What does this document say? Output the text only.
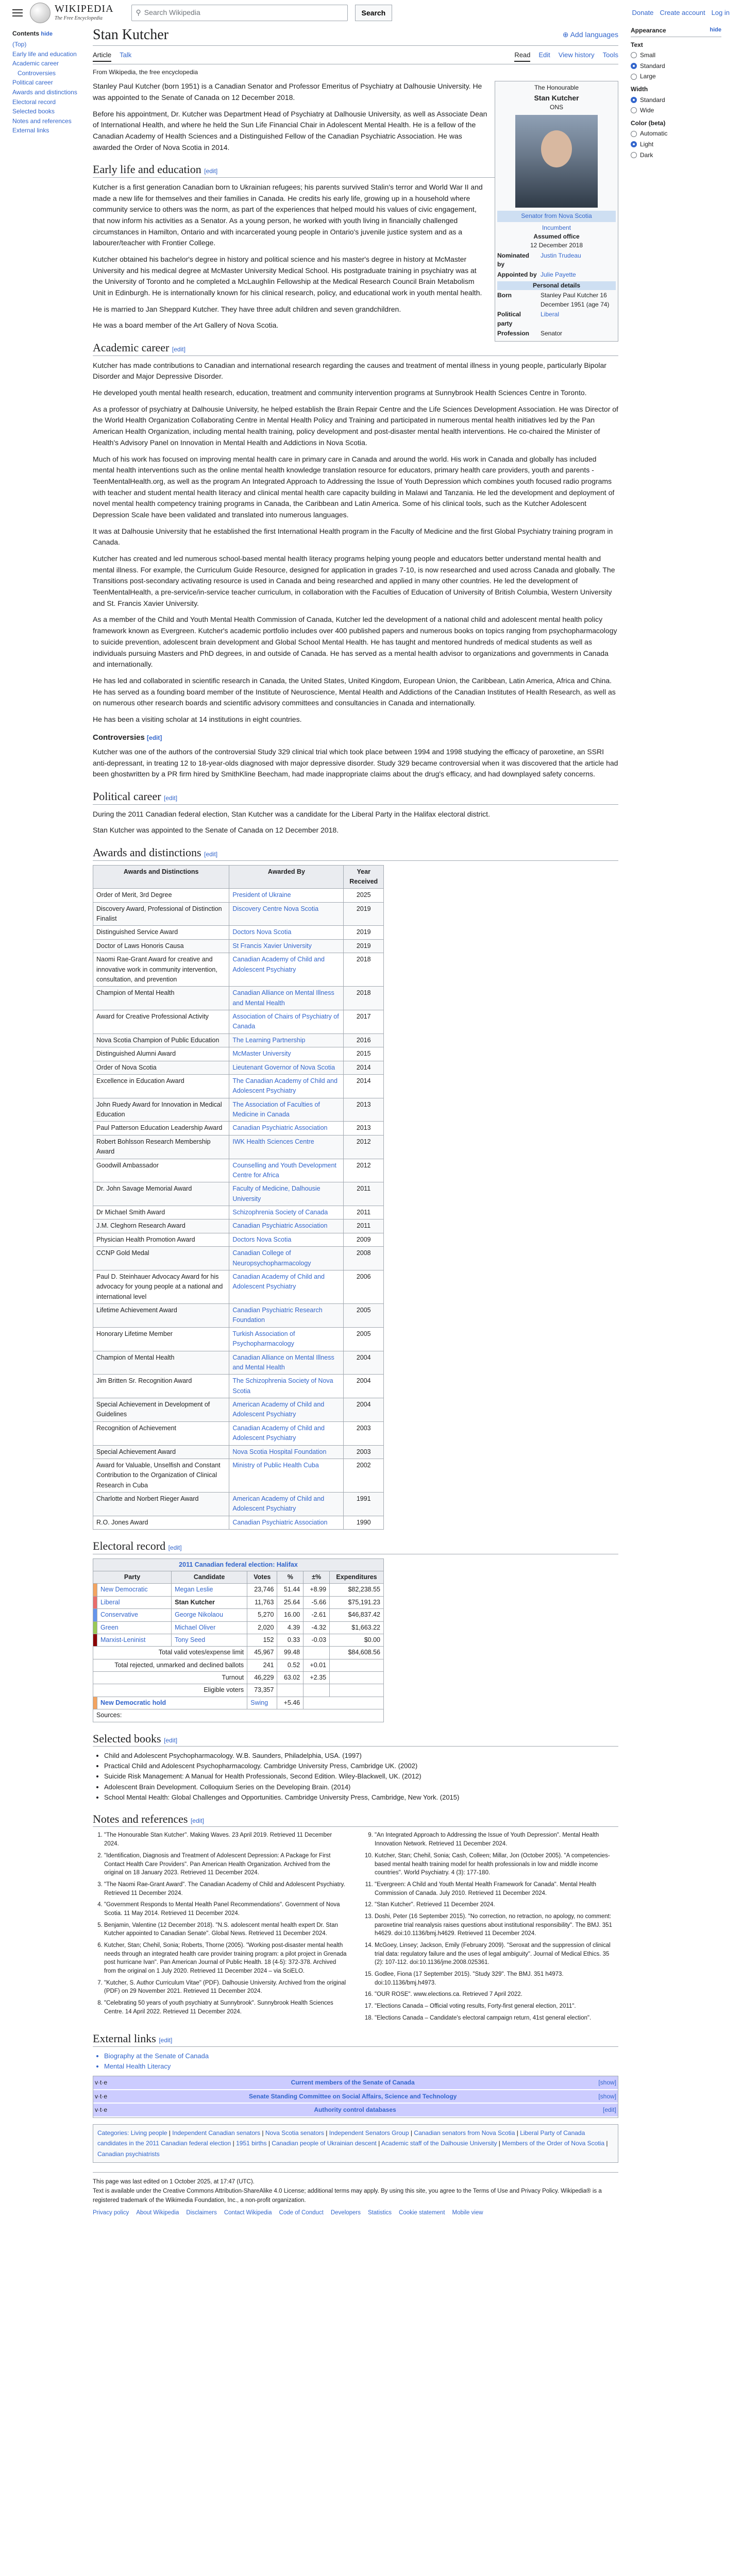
WIKIPEDIA
The Free Encyclopedia
⚲ Search Wikipedia	Search	Donate Create account Log in
Contents hide
(Top)
Early life and education
Academic career
Controversies
Political career
Awards and distinctions
Electoral record
Selected books
Notes and references
External links
Stan Kutcher	⊕ Add languages
Article Talk	Read Edit View history Tools
From Wikipedia, the free encyclopedia
The Honourable
Stan Kutcher
ONS
Senator from Nova Scotia
Incumbent
Assumed office
12 December 2018
Nominated by
Justin Trudeau
Appointed by Julie Payette
Personal details
Born	Stanley Paul Kutcher 16 December 1951 (age 74)
Political party
Liberal
Profession	Senator

Stanley Paul Kutcher (born 1951) is a Canadian Senator and Professor Emeritus of Psychiatry at Dalhousie University. He was appointed to the Senate of Canada on 12 December 2018.

Before his appointment, Dr. Kutcher was Department Head of Psychiatry at Dalhousie University, as well as Associate Dean of International Health, and where he held the Sun Life Financial Chair in Adolescent Mental Health. He is a fellow of the Canadian Academy of Health Sciences and a Distinguished Fellow of the Canadian Psychiatric Association. He was awarded the Order of Nova Scotia in 2014.

Early life and education [edit]

Kutcher is a first generation Canadian born to Ukrainian refugees; his parents survived Stalin's terror and World War II and made a new life for themselves and their families in Canada. He credits his early life, growing up in a household where community service to others was the norm, as part of the experiences that helped mould his values of civic engagement, that now inform his activities as a Senator. As a young person, he worked with youth living in financially challenged circumstances in Hamilton, Ontario and with incarcerated young people in Ontario's juvenile justice system and as a labourer/teacher with Frontier College.

Kutcher obtained his bachelor's degree in history and political science and his master's degree in history at McMaster University and his medical degree at McMaster University Medical School. His postgraduate training in psychiatry was at the University of Toronto and he completed a McLaughlin Fellowship at the Medical Research Council Brain Metabolism Unit in Edinburgh. He is internationally known for his clinical research, policy, and educational work in youth mental health.

He is married to Jan Sheppard Kutcher. They have three adult children and seven grandchildren.

He was a board member of the Art Gallery of Nova Scotia.

Academic career [edit]

Kutcher has made contributions to Canadian and international research regarding the causes and treatment of mental illness in young people, particularly Bipolar Disorder and Major Depressive Disorder.

He developed youth mental health research, education, treatment and community intervention programs at Sunnybrook Health Sciences Centre in Toronto.

As a professor of psychiatry at Dalhousie University, he helped establish the Brain Repair Centre and the Life Sciences Development Association. He was Director of the World Health Organization Collaborating Centre in Mental Health Policy and Training and participated in numerous mental health initiatives led by the Pan American Health Organization, including mental health training, policy development and post-disaster mental health interventions. He co-chaired the Minister of Health's Advisory Panel on Innovation in Mental Health and Addictions in Nova Scotia.

Much of his work has focused on improving mental health care in primary care in Canada and around the world. His work in Canada and globally has included mental health interventions such as the online mental health knowledge translation resource for educators, primary health care providers, youth and parents - TeenMentalHealth.org, as well as the program An Integrated Approach to Addressing the Issue of Youth Depression which combines youth focused radio programs with teacher and student mental health literacy and clinical mental health care capacity building in Malawi and Tanzania. He led the development and deployment of novel mental health competency training programs in Canada, the Caribbean and Latin America. Some of his clinical tools, such as the Kutcher Adolescent Depression Scale have been validated and translated into numerous languages.

It was at Dalhousie University that he established the first International Health program in the Faculty of Medicine and the first Global Psychiatry training program in Canada.

Kutcher has created and led numerous school-based mental health literacy programs helping young people and educators better understand mental health and mental illness. For example, the Curriculum Guide Resource, designed for application in grades 7-10, is now researched and used across Canada and globally. The Transitions post-secondary activating resource is used in Canada and being researched and applied in many other countries. He led the development of TeenMentalHealth, a pre-service/in-service teacher curriculum, in collaboration with the Faculties of Education of University of British Columbia, Western University and St. Francis Xavier University.

As a member of the Child and Youth Mental Health Commission of Canada, Kutcher led the development of a national child and adolescent mental health policy framework known as Evergreen. Kutcher's academic portfolio includes over 400 published papers and numerous books on topics ranging from psychopharmacology to suicide prevention, adolescent brain development and Global School Mental Health. He has taught and mentored hundreds of medical students as well as individuals pursuing Masters and PhD degrees, in and outside of Canada. He has served as a mental health advisor to organizations and governments in Canada and internationally.

He has led and collaborated in scientific research in Canada, the United States, United Kingdom, European Union, the Caribbean, Latin America, Africa and China. He has served as a founding board member of the Institute of Neuroscience, Mental Health and Addictions of the Canadian Institutes of Health Research, as well as on numerous other research boards and scientific advisory committees and consultancies in Canada and internationally.

He has been a visiting scholar at 14 institutions in eight countries.

Controversies [edit]

Kutcher was one of the authors of the controversial Study 329 clinical trial which took place between 1994 and 1998 studying the efficacy of paroxetine, an SSRI anti-depressant, in treating 12 to 18-year-olds diagnosed with major depressive disorder. Study 329 became controversial when it was discovered that the article had been ghostwritten by a PR firm hired by SmithKline Beecham, had made inappropriate claims about the drug's efficacy, and had downplayed safety concerns.

Political career [edit]

During the 2011 Canadian federal election, Stan Kutcher was a candidate for the Liberal Party in the Halifax electoral district.

Stan Kutcher was appointed to the Senate of Canada on 12 December 2018.

Awards and distinctions [edit]
Awards and Distinctions	Awarded By	Year Received
Order of Merit, 3rd Degree	President of Ukraine	2025
Discovery Award, Professional of Distinction Finalist	Discovery Centre Nova Scotia	2019
Distinguished Service Award	Doctors Nova Scotia	2019
Doctor of Laws Honoris Causa	St Francis Xavier University	2019
Naomi Rae-Grant Award for creative and innovative work in community intervention, consultation, and prevention	Canadian Academy of Child and Adolescent Psychiatry	2018
Champion of Mental Health	Canadian Alliance on Mental Illness and Mental Health	2018
Award for Creative Professional Activity	Association of Chairs of Psychiatry of Canada	2017
Nova Scotia Champion of Public Education	The Learning Partnership	2016
Distinguished Alumni Award	McMaster University	2015
Order of Nova Scotia	Lieutenant Governor of Nova Scotia	2014
Excellence in Education Award	The Canadian Academy of Child and Adolescent Psychiatry	2014
John Ruedy Award for Innovation in Medical Education	The Association of Faculties of Medicine in Canada	2013
Paul Patterson Education Leadership Award	Canadian Psychiatric Association	2013
Robert Bohlsson Research Membership Award	IWK Health Sciences Centre	2012
Goodwill Ambassador	Counselling and Youth Development Centre for Africa	2012
Dr. John Savage Memorial Award	Faculty of Medicine, Dalhousie University	2011
Dr Michael Smith Award	Schizophrenia Society of Canada	2011
J.M. Cleghorn Research Award	Canadian Psychiatric Association	2011
Physician Health Promotion Award	Doctors Nova Scotia	2009
CCNP Gold Medal	Canadian College of Neuropsychopharmacology	2008
Paul D. Steinhauer Advocacy Award for his advocacy for young people at a national and international level	Canadian Academy of Child and Adolescent Psychiatry	2006
Lifetime Achievement Award	Canadian Psychiatric Research Foundation	2005
Honorary Lifetime Member	Turkish Association of Psychopharmacology	2005
Champion of Mental Health	Canadian Alliance on Mental Illness and Mental Health	2004
Jim Britten Sr. Recognition Award	The Schizophrenia Society of Nova Scotia	2004
Special Achievement in Development of Guidelines	American Academy of Child and Adolescent Psychiatry	2004
Recognition of Achievement	Canadian Academy of Child and Adolescent Psychiatry	2003
Special Achievement Award	Nova Scotia Hospital Foundation	2003
Award for Valuable, Unselfish and Constant Contribution to the Organization of Clinical Research in Cuba	Ministry of Public Health Cuba	2002
Charlotte and Norbert Rieger Award	American Academy of Child and Adolescent Psychiatry	1991
R.O. Jones Award	Canadian Psychiatric Association	1990
Electoral record [edit]
2011 Canadian federal election: Halifax						
Party		Candidate	Votes	%	±%	Expenditures
	New Democratic	Megan Leslie	23,746	51.44	+8.99	$82,238.55
	Liberal	Stan Kutcher	11,763	25.64	-5.66	$75,191.23
	Conservative	George Nikolaou	5,270	16.00	-2.61	$46,837.42
	Green	Michael Oliver	2,020	4.39	-4.32	$1,663.22
	Marxist-Leninist	Tony Seed	152	0.33	-0.03	$0.00
Total valid votes/expense limit			45,967	99.48		$84,608.56
Total rejected, unmarked and declined ballots			241	0.52	+0.01	
Turnout			46,229	63.02	+2.35	
Eligible voters			73,357			
	New Democratic hold		Swing	+5.46		
Sources:						
Selected books [edit]
• Child and Adolescent Psychopharmacology. W.B. Saunders, Philadelphia, USA. (1997)
• Practical Child and Adolescent Psychopharmacology. Cambridge University Press, Cambridge UK. (2002)
• Suicide Risk Management: A Manual for Health Professionals, Second Edition. Wiley-Blackwell, UK. (2012)
• Adolescent Brain Development. Colloquium Series on the Developing Brain. (2014)
• School Mental Health: Global Challenges and Opportunities. Cambridge University Press, Cambridge, New York. (2015)
Notes and references [edit]
1. "The Honourable Stan Kutcher". Making Waves. 23 April 2019. Retrieved 11 December 2024.
2. "Identification, Diagnosis and Treatment of Adolescent Depression: A Package for First Contact Health Care Providers". Pan American Health Organization. Archived from the original on 18 January 2023. Retrieved 11 December 2024.
3. "The Naomi Rae-Grant Award". The Canadian Academy of Child and Adolescent Psychiatry. Retrieved 11 December 2024.
4. "Government Responds to Mental Health Panel Recommendations". Government of Nova Scotia. 11 May 2014. Retrieved 11 December 2024.
5. Benjamin, Valentine (12 December 2018). "N.S. adolescent mental health expert Dr. Stan Kutcher appointed to Canadian Senate". Global News. Retrieved 11 December 2024.
6. Kutcher, Stan; Chehil, Sonia; Roberts, Thorne (2005). "Working post-disaster mental health needs through an integrated health care provider training program: a pilot project in Grenada post hurricane Ivan". Pan American Journal of Public Health. 18 (4-5): 372-378. Archived from the original on 1 July 2020. Retrieved 11 December 2024 – via SciELO.
7. "Kutcher, S. Author Curriculum Vitae" (PDF). Dalhousie University. Archived from the original (PDF) on 29 November 2021. Retrieved 11 December 2024.
8. "Celebrating 50 years of youth psychiatry at Sunnybrook". Sunnybrook Health Sciences Centre. 14 April 2022. Retrieved 11 December 2024.
9. "An Integrated Approach to Addressing the Issue of Youth Depression". Mental Health Innovation Network. Retrieved 11 December 2024.
10. Kutcher, Stan; Chehil, Sonia; Cash, Colleen; Millar, Jon (October 2005). "A competencies-based mental health training model for health professionals in low and middle income countries". World Psychiatry. 4 (3): 177-180.
11. "Evergreen: A Child and Youth Mental Health Framework for Canada". Mental Health Commission of Canada. July 2010. Retrieved 11 December 2024.
12. "Stan Kutcher". Retrieved 11 December 2024.
13. Doshi, Peter (16 September 2015). "No correction, no retraction, no apology, no comment: paroxetine trial reanalysis raises questions about institutional responsibility". The BMJ. 351 h4629. doi:10.1136/bmj.h4629. Retrieved 11 December 2024.
14. McGoey, Linsey; Jackson, Emily (February 2009). "Seroxat and the suppression of clinical trial data: regulatory failure and the uses of legal ambiguity". Journal of Medical Ethics. 35 (2): 107-112. doi:10.1136/jme.2008.025361.
15. Godlee, Fiona (17 September 2015). "Study 329". The BMJ. 351 h4973. doi:10.1136/bmj.h4973.
16. "OUR ROSE". www.elections.ca. Retrieved 7 April 2022.
17. "Elections Canada – Official voting results, Forty-first general election, 2011".
18. "Elections Canada – Candidate's electoral campaign return, 41st general election".
External links [edit]
• Biography at the Senate of Canada
• Mental Health Literacy
v·t·e	Current members of the Senate of Canada	[show]
v·t·e	Senate Standing Committee on Social Affairs, Science and Technology	[show]
v·t·e	Authority control databases	[edit]
Categories: Living people | Independent Canadian senators | Nova Scotia senators | Independent Senators Group | Canadian senators from Nova Scotia | Liberal Party of Canada candidates in the 2011 Canadian federal election | 1951 births | Canadian people of Ukrainian descent | Academic staff of the Dalhousie University | Members of the Order of Nova Scotia | Canadian psychiatrists
This page was last edited on 1 October 2025, at 17:47 (UTC).
Text is available under the Creative Commons Attribution-ShareAlike 4.0 License; additional terms may apply. By using this site, you agree to the Terms of Use and Privacy Policy. Wikipedia® is a registered trademark of the Wikimedia Foundation, Inc., a non-profit organization.
Privacy policy About Wikipedia Disclaimers Contact Wikipedia Code of Conduct Developers Statistics Cookie statement Mobile view
Appearance	hide
Text
Small
Standard
Large
Width
Standard
Wide
Color (beta)
Automatic
Light
Dark
